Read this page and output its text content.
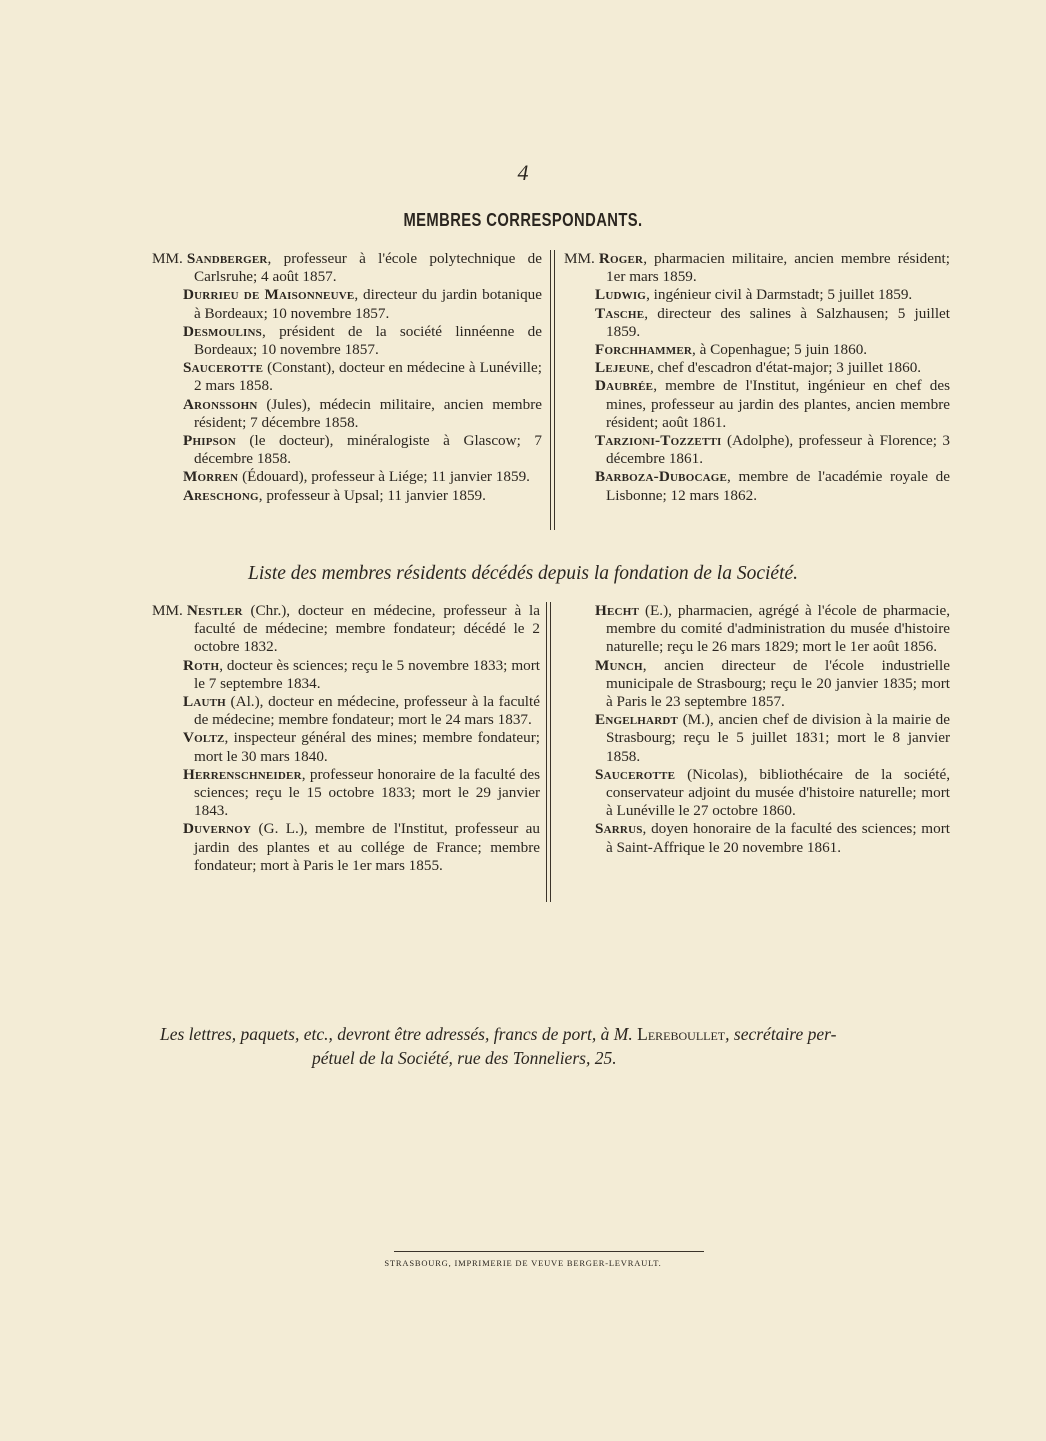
4
MEMBRES CORRESPONDANTS.

MM. Sandberger, professeur à l'école polytechnique de Carlsruhe; 4 août 1857.

Durrieu de Maisonneuve, directeur du jardin botanique à Bordeaux; 10 novembre 1857.

Desmoulins, président de la société linnéenne de Bordeaux; 10 novembre 1857.

Saucerotte (Constant), docteur en médecine à Lunéville; 2 mars 1858.

Aronssohn (Jules), médecin militaire, ancien membre résident; 7 décembre 1858.

Phipson (le docteur), minéralogiste à Glascow; 7 décembre 1858.

Morren (Édouard), professeur à Liége; 11 janvier 1859.

Areschong, professeur à Upsal; 11 janvier 1859.

MM. Roger, pharmacien militaire, ancien membre résident; 1er mars 1859.

Ludwig, ingénieur civil à Darmstadt; 5 juillet 1859.

Tasche, directeur des salines à Salzhausen; 5 juillet 1859.

Forchhammer, à Copenhague; 5 juin 1860.

Lejeune, chef d'escadron d'état-major; 3 juillet 1860.

Daubrée, membre de l'Institut, ingénieur en chef des mines, professeur au jardin des plantes, ancien membre résident; août 1861.

Tarzioni-Tozzetti (Adolphe), professeur à Florence; 3 décembre 1861.

Barboza-Dubocage, membre de l'académie royale de Lisbonne; 12 mars 1862.

Liste des membres résidents décédés depuis la fondation de la Société.

MM. Nestler (Chr.), docteur en médecine, professeur à la faculté de médecine; membre fondateur; décédé le 2 octobre 1832.

Roth, docteur ès sciences; reçu le 5 novembre 1833; mort le 7 septembre 1834.

Lauth (Al.), docteur en médecine, professeur à la faculté de médecine; membre fondateur; mort le 24 mars 1837.

Voltz, inspecteur général des mines; membre fondateur; mort le 30 mars 1840.

Herrenschneider, professeur honoraire de la faculté des sciences; reçu le 15 octobre 1833; mort le 29 janvier 1843.

Duvernoy (G. L.), membre de l'Institut, professeur au jardin des plantes et au collége de France; membre fondateur; mort à Paris le 1er mars 1855.

Hecht (E.), pharmacien, agrégé à l'école de pharmacie, membre du comité d'administration du musée d'histoire naturelle; reçu le 26 mars 1829; mort le 1er août 1856.

Munch, ancien directeur de l'école industrielle municipale de Strasbourg; reçu le 20 janvier 1835; mort à Paris le 23 septembre 1857.

Engelhardt (M.), ancien chef de division à la mairie de Strasbourg; reçu le 5 juillet 1831; mort le 8 janvier 1858.

Saucerotte (Nicolas), bibliothécaire de la société, conservateur adjoint du musée d'histoire naturelle; mort à Lunéville le 27 octobre 1860.

Sarrus, doyen honoraire de la faculté des sciences; mort à Saint-Affrique le 20 novembre 1861.

Les lettres, paquets, etc., devront être adressés, francs de port, à M. Lereboullet, secrétaire per-
pétuel de la Société, rue des Tonneliers, 25.
STRASBOURG, IMPRIMERIE DE VEUVE BERGER-LEVRAULT.
